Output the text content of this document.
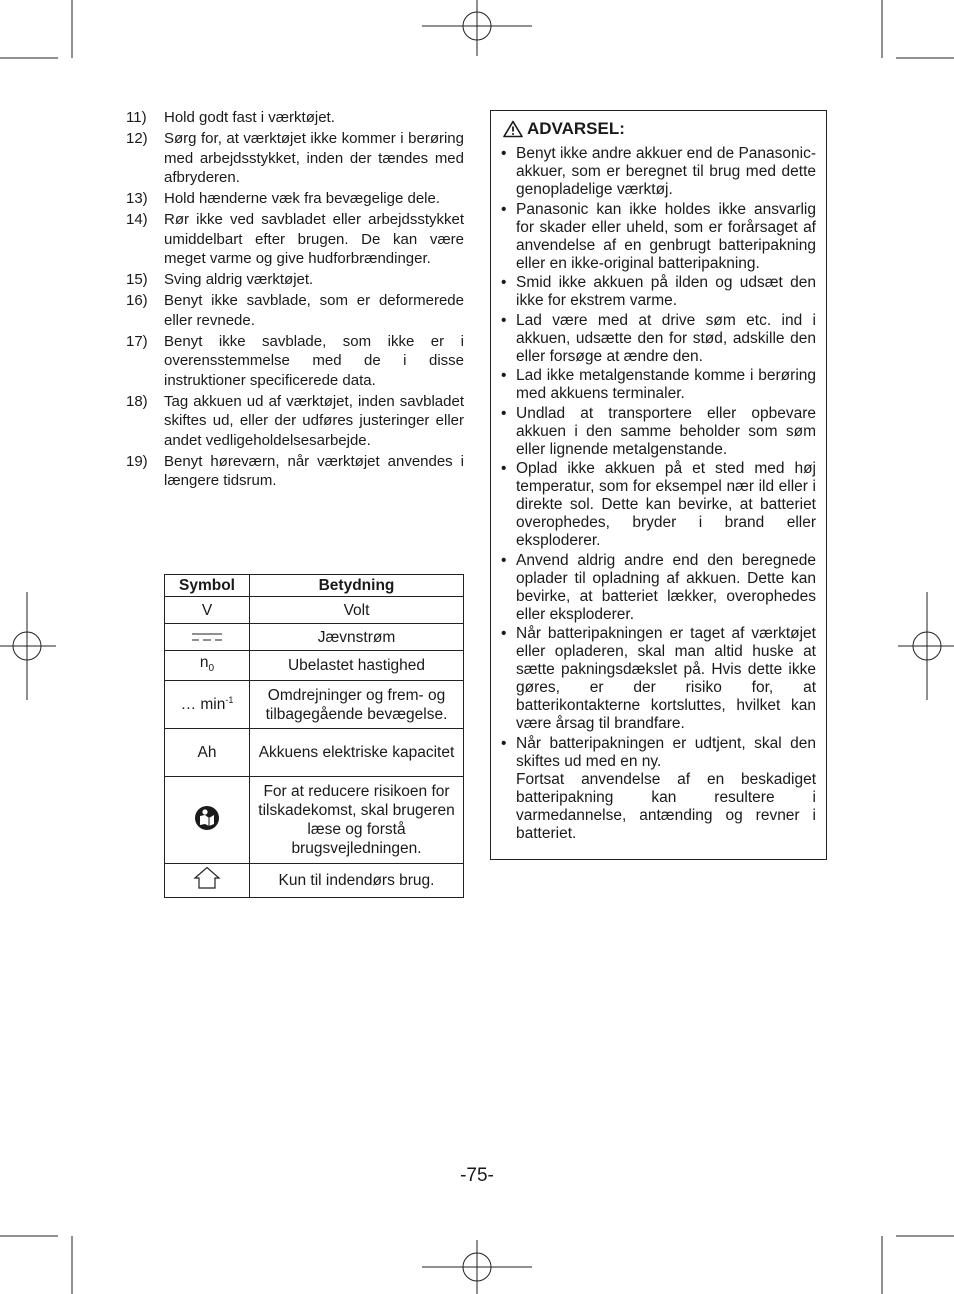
11)	Hold godt fast i værktøjet.
12)	Sørg for, at værktøjet ikke kommer i berøring med arbejdsstykket, inden der tændes med afbryderen.
13)	Hold hænderne væk fra bevægelige dele.
14)	Rør ikke ved savbladet eller arbejdsstykket umiddelbart efter brugen. De kan være meget varme og give hudforbrændinger.
15)	Sving aldrig værktøjet.
16)	Benyt ikke savblade, som er deformerede eller revnede.
17)	Benyt ikke savblade, som ikke er i overensstemmelse med de i disse instruktioner specificerede data.
18)	Tag akkuen ud af værktøjet, inden savbladet skiftes ud, eller der udføres justeringer eller andet vedligeholdelsesarbejde.
19)	Benyt høreværn, når værktøjet anvendes i længere tidsrum.
Symbol	Betydning
V	Volt
	Jævnstrøm
$n_0$	Ubelastet hastighed
… $\min^{-1}$	Omdrejninger og frem- og tilbagegående bevægelse.
Ah	Akkuens elektriske kapacitet
	For at reducere risikoen for tilskadekomst, skal brugeren læse og forstå brugsvejledningen.
	Kun til indendørs brug.
ADVARSEL:
• Benyt ikke andre akkuer end de Panasonic-akkuer, som er beregnet til brug med dette genopladelige værktøj.
• Panasonic kan ikke holdes ikke ansvarlig for skader eller uheld, som er forårsaget af anvendelse af en genbrugt batteripakning eller en ikke-original batteripakning.
• Smid ikke akkuen på ilden og udsæt den ikke for ekstrem varme.
• Lad være med at drive søm etc. ind i akkuen, udsætte den for stød, adskille den eller forsøge at ændre den.
• Lad ikke metalgenstande komme i berøring med akkuens terminaler.
• Undlad at transportere eller opbevare akkuen i den samme beholder som søm eller lignende metalgenstande.
• Oplad ikke akkuen på et sted med høj temperatur, som for eksempel nær ild eller i direkte sol. Dette kan bevirke, at batteriet overophedes, bryder i brand eller eksploderer.
• Anvend aldrig andre end den beregnede oplader til opladning af akkuen. Dette kan bevirke, at batteriet lækker, overophedes eller eksploderer.
• Når batteripakningen er taget af værktøjet eller opladeren, skal man altid huske at sætte pakningsdækslet på. Hvis dette ikke gøres, er der risiko for, at batterikontakterne kortsluttes, hvilket kan være årsag til brandfare.
• Når batteripakningen er udtjent, skal den skiftes ud med en ny.
Fortsat anvendelse af en beskadiget batteripakning kan resultere i varmedannelse, antænding og revner i batteriet.
-75-
